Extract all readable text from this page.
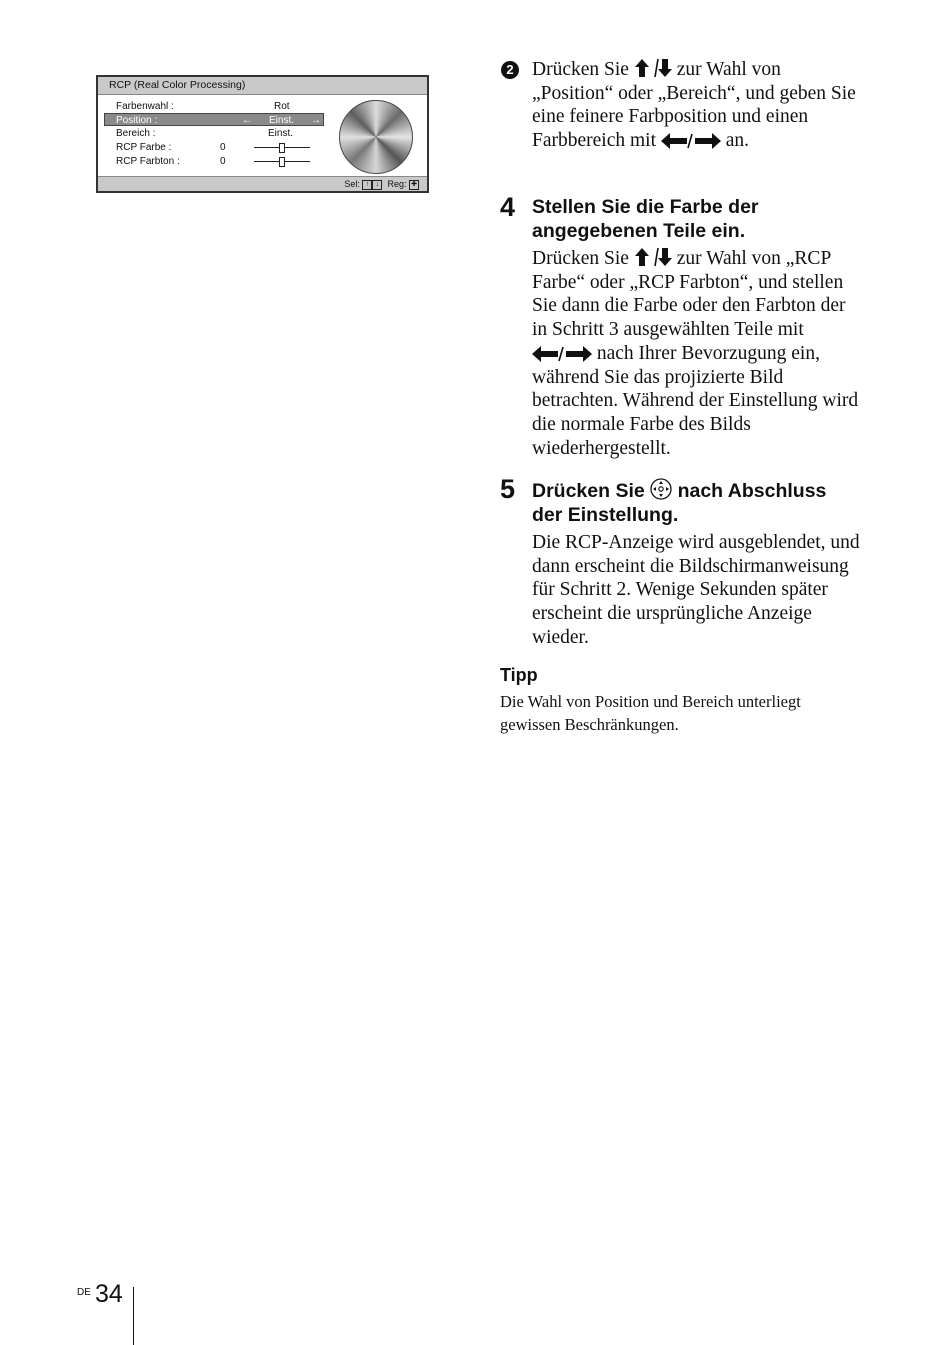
RCP (Real Color Processing)
Farbenwahl :	Rot
Position :	← Einst. →
Bereich :	Einst.
RCP Farbe :	0
RCP Farbton :	0
Sel: ↑ ↓ Reg: ✚
2 Drücken Sie zur Wahl von „Position“ oder „Bereich“, und geben Sie eine feinere Farbposition und einen Farbbereich mit	an.
4 Stellen Sie die Farbe der angegebenen Teile ein.
Drücken Sie zur Wahl von „RCP Farbe“ oder „RCP Farbton“, und stellen Sie dann die Farbe oder den Farbton der in Schritt 3 ausgewählten Teile mit  nach Ihrer Bevorzugung ein, während Sie das projizierte Bild betrachten. Während der Einstellung wird die normale Farbe des Bilds wiederhergestellt.
5 Drücken Sie nach Abschluss der Einstellung.
Die RCP-Anzeige wird ausgeblendet, und dann erscheint die Bildschirmanweisung für Schritt 2. Wenige Sekunden später erscheint die ursprüngliche Anzeige wieder.
Tipp
Die Wahl von Position und Bereich unterliegt gewissen Beschränkungen.
DE 34
